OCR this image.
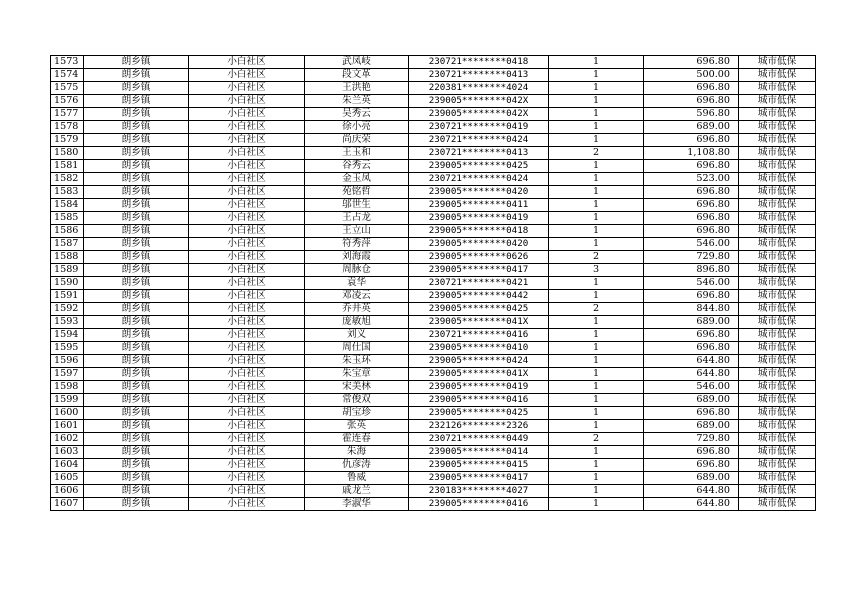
1573	朗乡镇	小白社区	武凤岐	230721********0418	1	696.80	城市低保
1574	朗乡镇	小白社区	段文革	230721********0413	1	500.00	城市低保
1575	朗乡镇	小白社区	王洪艳	220381********4024	1	696.80	城市低保
1576	朗乡镇	小白社区	朱兰英	239005********042X	1	696.80	城市低保
1577	朗乡镇	小白社区	吴秀云	239005********042X	1	596.80	城市低保
1578	朗乡镇	小白社区	徐小亮	230721********0419	1	689.00	城市低保
1579	朗乡镇	小白社区	尚庆荣	230721********0424	1	696.80	城市低保
1580	朗乡镇	小白社区	王玉和	230721********0413	2	1,108.80	城市低保
1581	朗乡镇	小白社区	谷秀云	239005********0425	1	696.80	城市低保
1582	朗乡镇	小白社区	金玉凤	230721********0424	1	523.00	城市低保
1583	朗乡镇	小白社区	苑铭哲	239005********0420	1	696.80	城市低保
1584	朗乡镇	小白社区	邬世生	239005********0411	1	696.80	城市低保
1585	朗乡镇	小白社区	王占龙	239005********0419	1	696.80	城市低保
1586	朗乡镇	小白社区	王立山	239005********0418	1	696.80	城市低保
1587	朗乡镇	小白社区	符秀萍	239005********0420	1	546.00	城市低保
1588	朗乡镇	小白社区	刘海霞	239005********0626	2	729.80	城市低保
1589	朗乡镇	小白社区	周脉仓	239005********0417	3	896.80	城市低保
1590	朗乡镇	小白社区	袁华	230721********0421	1	546.00	城市低保
1591	朗乡镇	小白社区	邓凌云	239005********0442	1	696.80	城市低保
1592	朗乡镇	小白社区	乔井英	239005********0425	2	844.80	城市低保
1593	朗乡镇	小白社区	庞敏旭	239005********041X	1	689.00	城市低保
1594	朗乡镇	小白社区	刘义	230721********0416	1	696.80	城市低保
1595	朗乡镇	小白社区	周仕国	239005********0410	1	696.80	城市低保
1596	朗乡镇	小白社区	朱玉环	239005********0424	1	644.80	城市低保
1597	朗乡镇	小白社区	朱宝章	239005********041X	1	644.80	城市低保
1598	朗乡镇	小白社区	宋美林	239005********0419	1	546.00	城市低保
1599	朗乡镇	小白社区	常俊双	239005********0416	1	689.00	城市低保
1600	朗乡镇	小白社区	胡宝珍	239005********0425	1	696.80	城市低保
1601	朗乡镇	小白社区	张英	232126********2326	1	689.00	城市低保
1602	朗乡镇	小白社区	霍连春	230721********0449	2	729.80	城市低保
1603	朗乡镇	小白社区	朱海	239005********0414	1	696.80	城市低保
1604	朗乡镇	小白社区	仇彦涛	239005********0415	1	696.80	城市低保
1605	朗乡镇	小白社区	鲁威	239005********0417	1	689.00	城市低保
1606	朗乡镇	小白社区	戚龙兰	230183********4027	1	644.80	城市低保
1607	朗乡镇	小白社区	李淑华	239005********0416	1	644.80	城市低保
